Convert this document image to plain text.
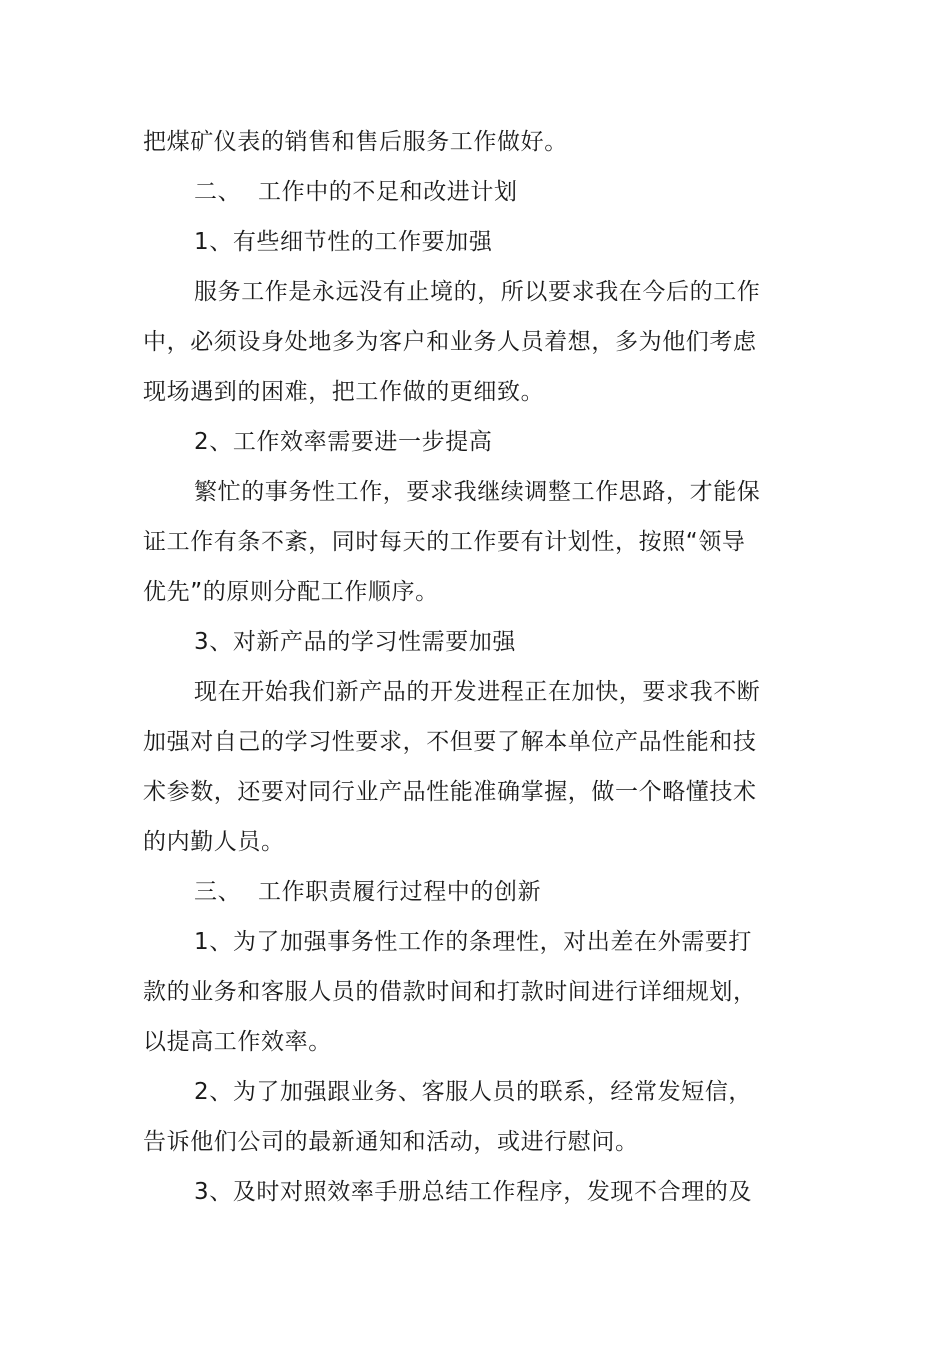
把煤矿仪表的销售和售后服务工作做好。
二、 工作中的不足和改进计划
1、有些细节性的工作要加强
服务工作是永远没有止境的，所以要求我在今后的工作
中，必须设身处地多为客户和业务人员着想，多为他们考虑
现场遇到的困难，把工作做的更细致。
2、工作效率需要进一步提高
繁忙的事务性工作，要求我继续调整工作思路，才能保
证工作有条不紊，同时每天的工作要有计划性，按照“领导
优先”的原则分配工作顺序。
3、对新产品的学习性需要加强
现在开始我们新产品的开发进程正在加快，要求我不断
加强对自己的学习性要求，不但要了解本单位产品性能和技
术参数，还要对同行业产品性能准确掌握，做一个略懂技术
的内勤人员。
三、 工作职责履行过程中的创新
1、为了加强事务性工作的条理性，对出差在外需要打
款的业务和客服人员的借款时间和打款时间进行详细规划，
以提高工作效率。
2、为了加强跟业务、客服人员的联系，经常发短信，
告诉他们公司的最新通知和活动，或进行慰问。
3、及时对照效率手册总结工作程序，发现不合理的及
